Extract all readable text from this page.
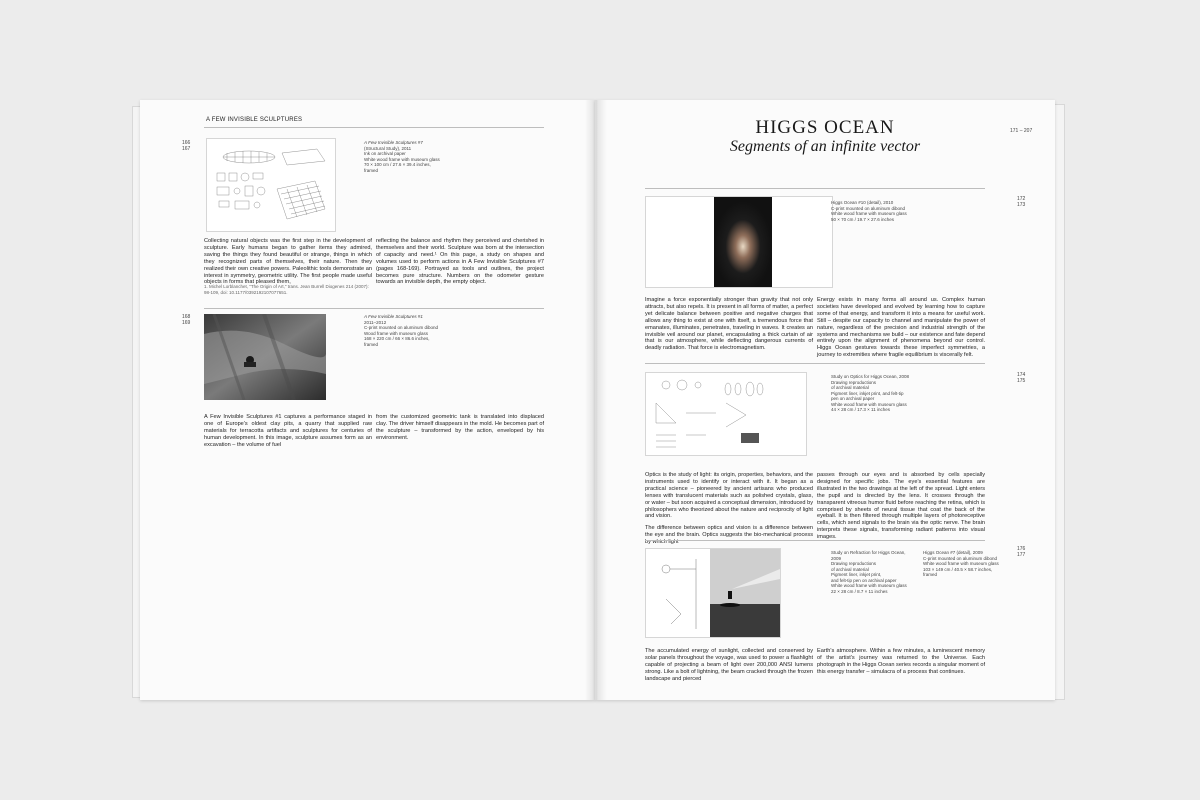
A FEW INVISIBLE SCULPTURES
166
167
A Few Invisible Sculptures #7
(Structural Study), 2011
Ink on archival paper
White wood frame with museum glass
70 × 100 cm / 27.6 × 39.4 inches,
framed
Collecting natural objects was the first step in the development of sculpture. Early humans began to gather items they admired, saving the things they found beautiful or strange, things in which they recognized parts of themselves, their nature. Then they realized their own creative powers. Paleolithic tools demonstrate an interest in symmetry, geometric utility. The first people made useful objects in forms that pleased them,
reflecting the balance and rhythm they perceived and cherished in themselves and their world. Sculpture was born at the intersection of capacity and need.¹ On this page, a study on shapes and volumes used to perform actions in A Few Invisible Sculptures #7 (pages 168-169). Portrayed as tools and outlines, the project becomes pure structure. Numbers on the odometer gesture towards an invisible depth, the empty object.
1. Michel Lorblanchet, "The Origin of Art," trans. Jean Burrell Diogenes 214 (2007):
98-109, doi: 10.1177/0392192107077651.
168
169
A Few Invisible Sculptures #1
2011–2012
C-print mounted on aluminum dibond
Wood frame with museum glass
168 × 220 cm / 66 × 86.6 inches,
framed
A Few Invisible Sculptures #1 captures a performance staged in one of Europe's oldest clay pits, a quarry that supplied raw materials for terracotta artifacts and sculptures for centuries of human development. In this image, sculpture assumes form as an excavation – the volume of fuel
from the customized geometric tank is translated into displaced clay. The driver himself disappears in the mold. He becomes part of the sculpture – transformed by the action, enveloped by his environment.
HIGGS OCEAN
Segments of an infinite vector
171 – 207
172
173
Higgs Ocean #10 (detail), 2010
C-print mounted on aluminum dibond
White wood frame with museum glass
50 × 70 cm / 19.7 × 27.6 inches
Imagine a force exponentially stronger than gravity that not only attracts, but also repels. It is present in all forms of matter, a perfect yet delicate balance between positive and negative charges that allows any thing to exist at one with itself, a tremendous force that emanates, illuminates, penetrates, traveling in waves. It creates an invisible veil around our planet, encapsulating a thick curtain of air that is our atmosphere, while deflecting dangerous currents of deadly radiation. That force is electromagnetism.
Energy exists in many forms all around us. Complex human societies have developed and evolved by learning how to capture some of that energy, and transform it into a means for useful work. Still – despite our capacity to channel and manipulate the power of nature, regardless of the precision and industrial strength of the systems and mechanisms we build – our existence and fate depend entirely upon the alignment of phenomena beyond our control. Higgs Ocean gestures towards these imperfect symmetries, a journey to extremities where fragile equilibrium is viscerally felt.
174
175
Study on Optics for Higgs Ocean, 2008
Drawing reproductions
of archival material
Pigment liner, inkjet print, and felt-tip
pen on archival paper
White wood frame with museum glass
44 × 28 cm / 17.3 × 11 inches
Optics is the study of light: its origin, properties, behaviors, and the instruments used to identify or interact with it. It began as a practical science – pioneered by ancient artisans who produced lenses with translucent materials such as polished crystals, glass, or water – but soon acquired a conceptual dimension, introduced by philosophers who theorized about the nature and reciprocity of light and vision.
The difference between optics and vision is a difference between the eye and the brain. Optics suggests the bio-mechanical process by which light
passes through our eyes and is absorbed by cells specially designed for specific jobs. The eye's essential features are illustrated in the two drawings at the left of the spread. Light enters the pupil and is directed by the lens. It crosses through the transparent vitreous humor fluid before reaching the retina, which is comprised by sheets of neural tissue that coat the back of the eyeball. It is then filtered through multiple layers of photoreceptive cells, which send signals to the brain via the optic nerve. The brain interprets these signals, transforming radiant patterns into visual images.
176
177
Study on Refraction for Higgs Ocean,
2009
Drawing reproductions
of archival material
Pigment liner, inkjet print,
and felt-tip pen on archival paper
White wood frame with museum glass
22 × 28 cm / 8.7 × 11 inches
Higgs Ocean #7 (detail), 2009
C-print mounted on aluminum dibond
White wood frame with museum glass
103 × 149 cm / 40.5 × 58.7 inches,
framed
The accumulated energy of sunlight, collected and conserved by solar panels throughout the voyage, was used to power a flashlight capable of projecting a beam of light over 200,000 ANSI lumens strong. Like a bolt of lightning, the beam cracked through the frozen landscape and pierced
Earth's atmosphere. Within a few minutes, a luminescent memory of the artist's journey was returned to the Universe. Each photograph in the Higgs Ocean series records a singular moment of this energy transfer – simulacra of a process that continues.
